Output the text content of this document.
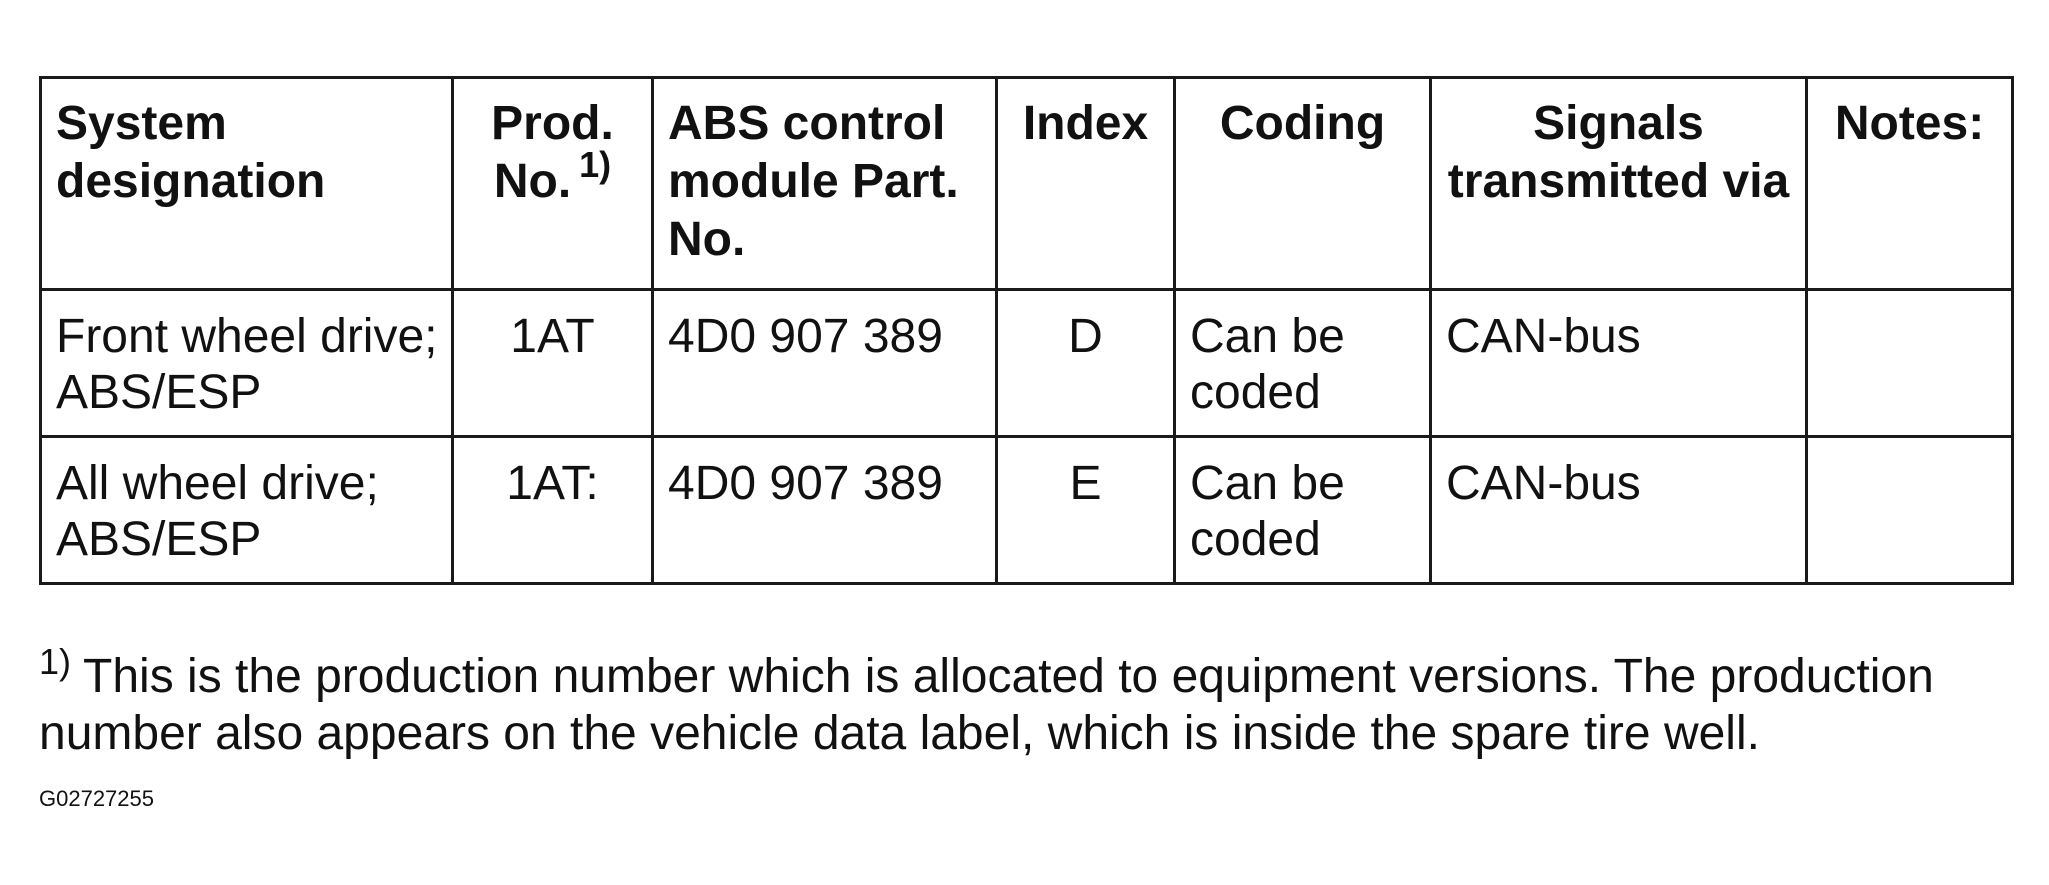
System designation	Prod. No. $^{1)}$	ABS control module Part. No.	Index	Coding	Signals transmitted via	Notes:
Front wheel drive; ABS/ESP	1AT	4D0 907 389	D	Can be coded	CAN-bus	
All wheel drive; ABS/ESP	1AT:	4D0 907 389	E	Can be coded	CAN-bus	
$^{1)}$ This is the production number which is allocated to equipment versions. The production number also appears on the vehicle data label, which is inside the spare tire well.
G02727255
